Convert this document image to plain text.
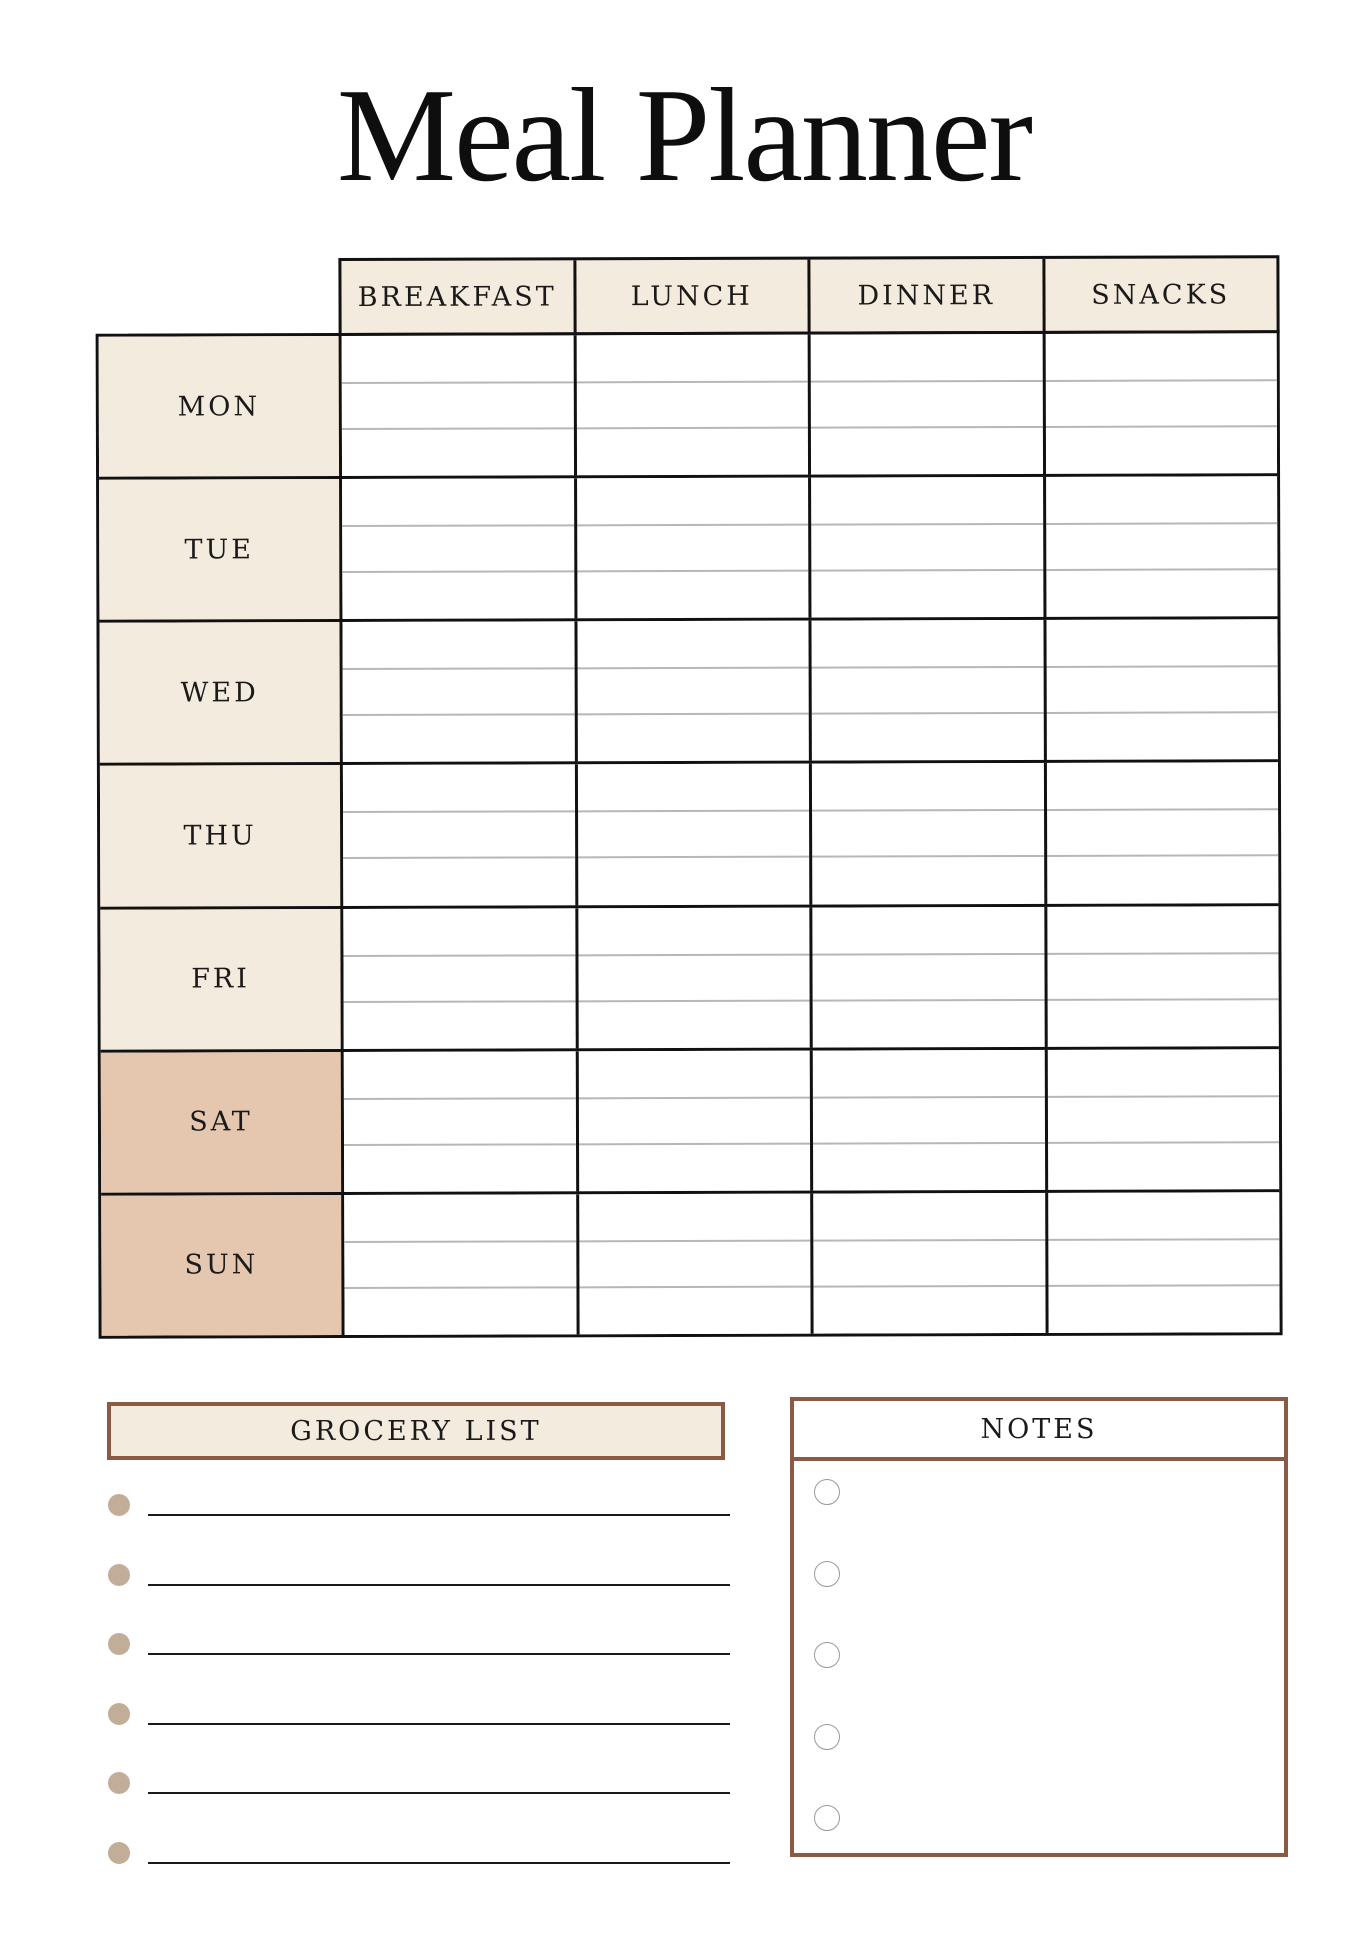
Meal Planner
BREAKFAST	LUNCH	DINNER	SNACKS
MON
TUE
WED
THU
FRI
SAT
SUN
GROCERY LIST	NOTES
